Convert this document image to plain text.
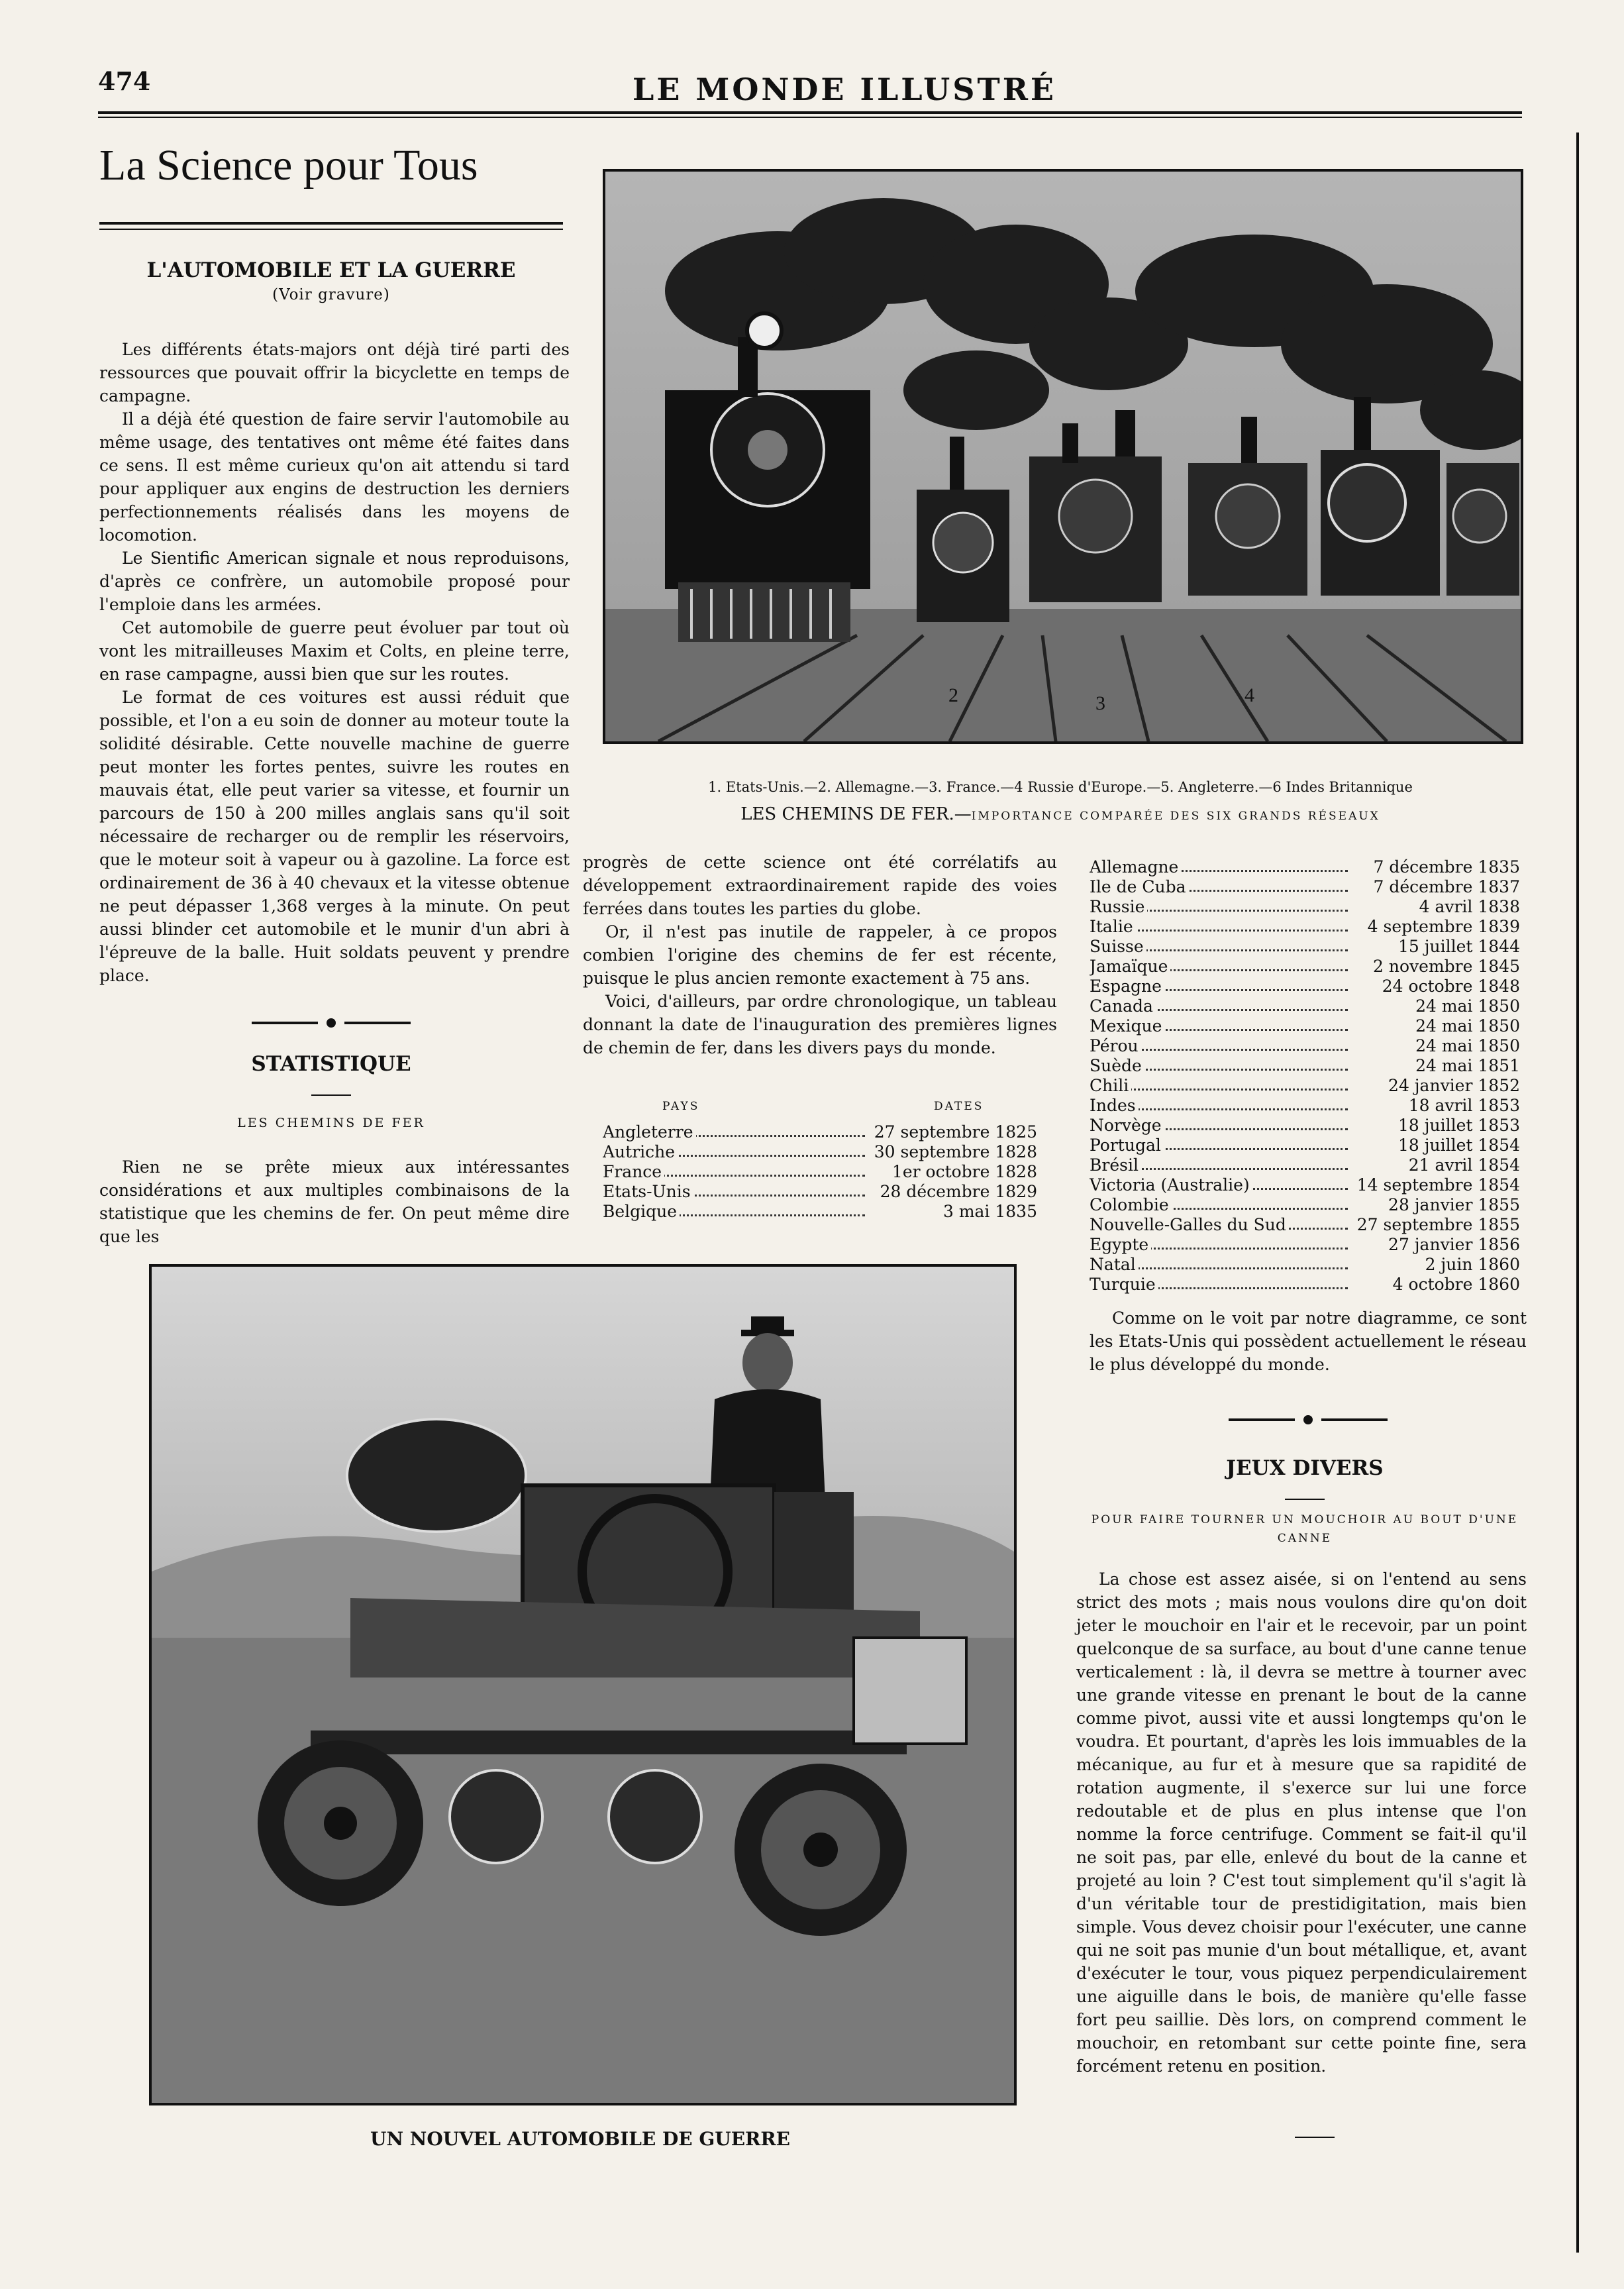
474	LE MONDE ILLUSTRÉ
La Science pour Tous
L'AUTOMOBILE ET LA GUERRE
(Voir gravure)

Les différents états-majors ont déjà tiré parti des ressources que pouvait offrir la bicyclette en temps de campagne.

Il a déjà été question de faire servir l'automobile au même usage, des tentatives ont même été faites dans ce sens. Il est même curieux qu'on ait attendu si tard pour appliquer aux engins de destruction les derniers perfectionnements réalisés dans les moyens de locomotion.

Le Sientific American signale et nous reproduisons, d'après ce confrère, un automobile proposé pour l'emploie dans les armées.

Cet automobile de guerre peut évoluer par tout où vont les mitrailleuses Maxim et Colts, en pleine terre, en rase campagne, aussi bien que sur les routes.

Le format de ces voitures est aussi réduit que possible, et l'on a eu soin de donner au moteur toute la solidité désirable. Cette nouvelle machine de guerre peut monter les fortes pentes, suivre les routes en mauvais état, elle peut varier sa vitesse, et fournir un parcours de 150 à 200 milles anglais sans qu'il soit nécessaire de recharger ou de remplir les réservoirs, que le moteur soit à vapeur ou à gazoline. La force est ordinairement de 36 à 40 chevaux et la vitesse obtenue ne peut dépasser 1,368 verges à la minute. On peut aussi blinder cet automobile et le munir d'un abri à l'épreuve de la balle. Huit soldats peuvent y prendre place.

STATISTIQUE
LES CHEMINS DE FER

Rien ne se prête mieux aux intéressantes considérations et aux multiples combinaisons de la statistique que les chemins de fer. On peut même dire que les

2	3	4
1. Etats-Unis.—2. Allemagne.—3. France.—4 Russie d'Europe.—5. Angleterre.—6 Indes Britannique
LES CHEMINS DE FER.—IMPORTANCE COMPARÉE DES SIX GRANDS RÉSEAUX

progrès de cette science ont été corrélatifs au développement extraordinairement rapide des voies ferrées dans toutes les parties du globe.

Or, il n'est pas inutile de rappeler, à ce propos combien l'origine des chemins de fer est récente, puisque le plus ancien remonte exactement à 75 ans.

Voici, d'ailleurs, par ordre chronologique, un tableau donnant la date de l'inauguration des premières lignes de chemin de fer, dans les divers pays du monde.

PAYS	DATES
Angleterre	27 septembre 1825
Autriche	30 septembre 1828
France	1er octobre 1828
Etats-Unis	28 décembre 1829
Belgique	3 mai 1835
Allemagne	7 décembre 1835
Ile de Cuba	7 décembre 1837
Russie	4 avril 1838
Italie	4 septembre 1839
Suisse	15 juillet 1844
Jamaïque	2 novembre 1845
Espagne	24 octobre 1848
Canada	24 mai 1850
Mexique	24 mai 1850
Pérou	24 mai 1850
Suède	24 mai 1851
Chili	24 janvier 1852
Indes	18 avril 1853
Norvège	18 juillet 1853
Portugal	18 juillet 1854
Brésil	21 avril 1854
Victoria (Australie)	14 septembre 1854
Colombie	28 janvier 1855
Nouvelle-Galles du Sud	27 septembre 1855
Egypte	27 janvier 1856
Natal	2 juin 1860
Turquie	4 octobre 1860

Comme on le voit par notre diagramme, ce sont les Etats-Unis qui possèdent actuellement le réseau le plus développé du monde.

JEUX DIVERS
POUR FAIRE TOURNER UN MOUCHOIR AU BOUT D'UNE CANNE

La chose est assez aisée, si on l'entend au sens strict des mots ; mais nous voulons dire qu'on doit jeter le mouchoir en l'air et le recevoir, par un point quelconque de sa surface, au bout d'une canne tenue verticalement : là, il devra se mettre à tourner avec une grande vitesse en prenant le bout de la canne comme pivot, aussi vite et aussi longtemps qu'on le voudra. Et pourtant, d'après les lois immuables de la mécanique, au fur et à mesure que sa rapidité de rotation augmente, il s'exerce sur lui une force redoutable et de plus en plus intense que l'on nomme la force centrifuge. Comment se fait-il qu'il ne soit pas, par elle, enlevé du bout de la canne et projeté au loin ? C'est tout simplement qu'il s'agit là d'un véritable tour de prestidigitation, mais bien simple. Vous devez choisir pour l'exécuter, une canne qui ne soit pas munie d'un bout métallique, et, avant d'exécuter le tour, vous piquez perpendiculairement une aiguille dans le bois, de manière qu'elle fasse fort peu saillie. Dès lors, on comprend comment le mouchoir, en retombant sur cette pointe fine, sera forcément retenu en position.

UN NOUVEL AUTOMOBILE DE GUERRE
